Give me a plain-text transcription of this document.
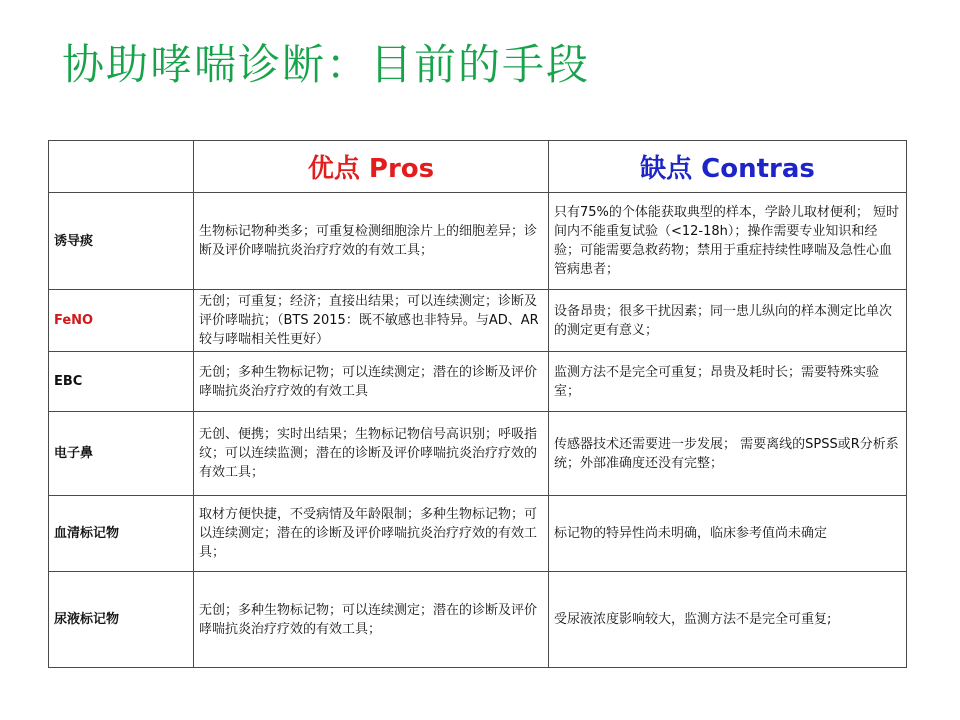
协助哮喘诊断：目前的手段
	优点 Pros	缺点 Contras
诱导痰	生物标记物种类多；可重复检测细胞涂片上的细胞差异；诊断及评价哮喘抗炎治疗疗效的有效工具；	只有75%的个体能获取典型的样本，学龄儿取材便利； 短时间内不能重复试验（<12-18h）；操作需要专业知识和经验；可能需要急救药物；禁用于重症持续性哮喘及急性心血管病患者；
FeNO	无创；可重复；经济；直接出结果；可以连续测定；诊断及评价哮喘抗；（BTS 2015：既不敏感也非特异。与AD、AR较与哮喘相关性更好）	设备昂贵；很多干扰因素；同一患儿纵向的样本测定比单次的测定更有意义；
EBC	无创；多种生物标记物；可以连续测定；潜在的诊断及评价哮喘抗炎治疗疗效的有效工具	监测方法不是完全可重复；昂贵及耗时长；需要特殊实验室；
电子鼻	无创、便携；实时出结果；生物标记物信号高识别；呼吸指纹；可以连续监测；潜在的诊断及评价哮喘抗炎治疗疗效的有效工具；	传感器技术还需要进一步发展； 需要离线的SPSS或R分析系统；外部准确度还没有完整；
血清标记物	取材方便快捷，不受病情及年龄限制；多种生物标记物；可以连续测定；潜在的诊断及评价哮喘抗炎治疗疗效的有效工具；	标记物的特异性尚未明确，临床参考值尚未确定
尿液标记物	无创；多种生物标记物；可以连续测定；潜在的诊断及评价哮喘抗炎治疗疗效的有效工具；	受尿液浓度影响较大，监测方法不是完全可重复;
